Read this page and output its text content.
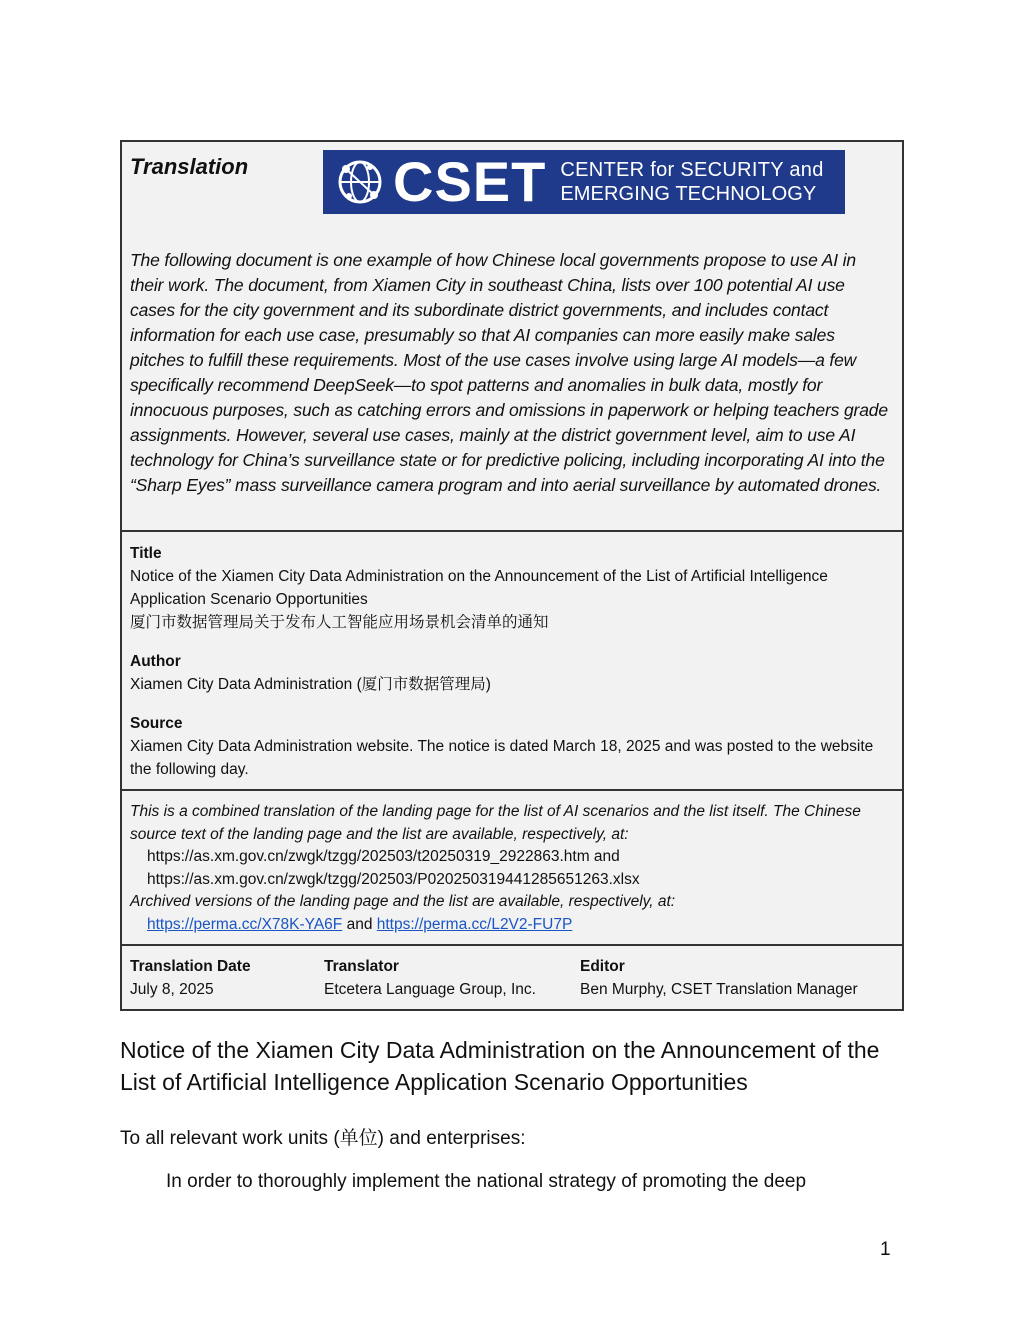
Translation	CSET CENTER for SECURITY and
EMERGING TECHNOLOGY
The following document is one example of how Chinese local governments propose to use AI in their work. The document, from Xiamen City in southeast China, lists over 100 potential AI use cases for the city government and its subordinate district governments, and includes contact information for each use case, presumably so that AI companies can more easily make sales pitches to fulfill these requirements. Most of the use cases involve using large AI models—a few specifically recommend DeepSeek—to spot patterns and anomalies in bulk data, mostly for innocuous purposes, such as catching errors and omissions in paperwork or helping teachers grade assignments. However, several use cases, mainly at the district government level, aim to use AI technology for China’s surveillance state or for predictive policing, including incorporating AI into the “Sharp Eyes” mass surveillance camera program and into aerial surveillance by automated drones.
Title
Notice of the Xiamen City Data Administration on the Announcement of the List of Artificial Intelligence Application Scenario Opportunities
厦门市数据管理局关于发布人工智能应用场景机会清单的通知
Author
Xiamen City Data Administration (厦门市数据管理局)
Source
Xiamen City Data Administration website. The notice is dated March 18, 2025 and was posted to the website the following day.
This is a combined translation of the landing page for the list of AI scenarios and the list itself. The Chinese source text of the landing page and the list are available, respectively, at:
https://as.xm.gov.cn/zwgk/tzgg/202503/t20250319_2922863.htm and
https://as.xm.gov.cn/zwgk/tzgg/202503/P020250319441285651263.xlsx
Archived versions of the landing page and the list are available, respectively, at:
https://perma.cc/X78K-YA6F and https://perma.cc/L2V2-FU7P
Translation Date
July 8, 2025
Translator
Etcetera Language Group, Inc.
Editor
Ben Murphy, CSET Translation Manager
Notice of the Xiamen City Data Administration on the Announcement of the List of Artificial Intelligence Application Scenario Opportunities
To all relevant work units (单位) and enterprises:
In order to thoroughly implement the national strategy of promoting the deep
1
